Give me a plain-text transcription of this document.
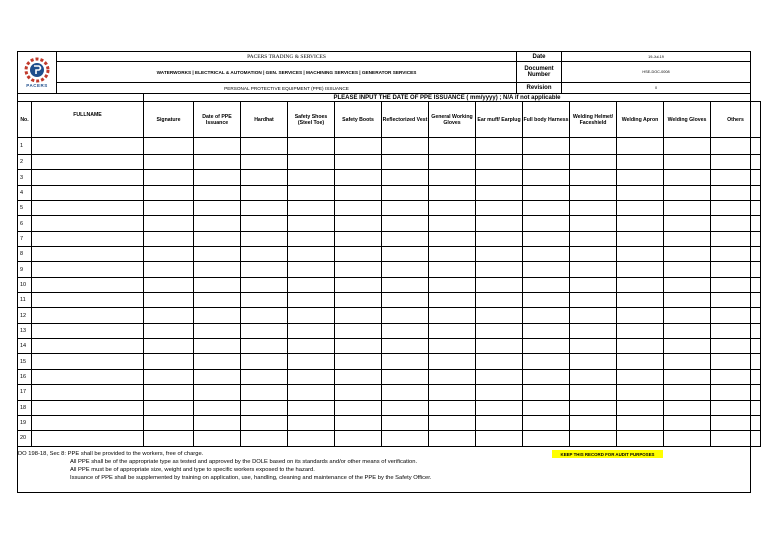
PACERS
PACERS TRADING & SERVICES
WATERWORKS | ELECTRICAL & AUTOMATION | GEN. SERVICES | MACHINING SERVICES | GENERATOR SERVICES
PERSONAL PROTECTIVE EQUIPMENT (PPE) ISSUANCE
Date	19-Jul-19
Document Number	HSE-DOC-0008
Revision	0
PLEASE INPUT THE DATE OF PPE ISSUANCE ( mm/yyyy) ; N/A if not applicable
No.	FULLNAME	Signature	Date of PPE Issuance	Hardhat	Safety Shoes (Steel Toe)	Safety Boots	Reflectorized Vest	General Working Gloves	Ear muff/ Earplug	Full body Harness	Welding Helmet/ Faceshield	Welding Apron	Welding Gloves	Others
1														
2														
3														
4														
5														
6														
7														
8														
9														
10														
11														
12														
13														
14														
15														
16														
17														
18														
19														
20														
DO 198-18, Sec 8: PPE shall be provided to the workers, free of charge.
All PPE shall be of the appropriate type as tested and approved by the DOLE based on its standards and/or other means of verification.
All PPE must be of appropriate size, weight and type to specific workers exposed to the hazard.
Issuance of PPE shall be supplemented by training on application, use, handling, cleaning and maintenance of the PPE by the Safety Officer.
KEEP THIS RECORD FOR AUDIT PURPOSES
